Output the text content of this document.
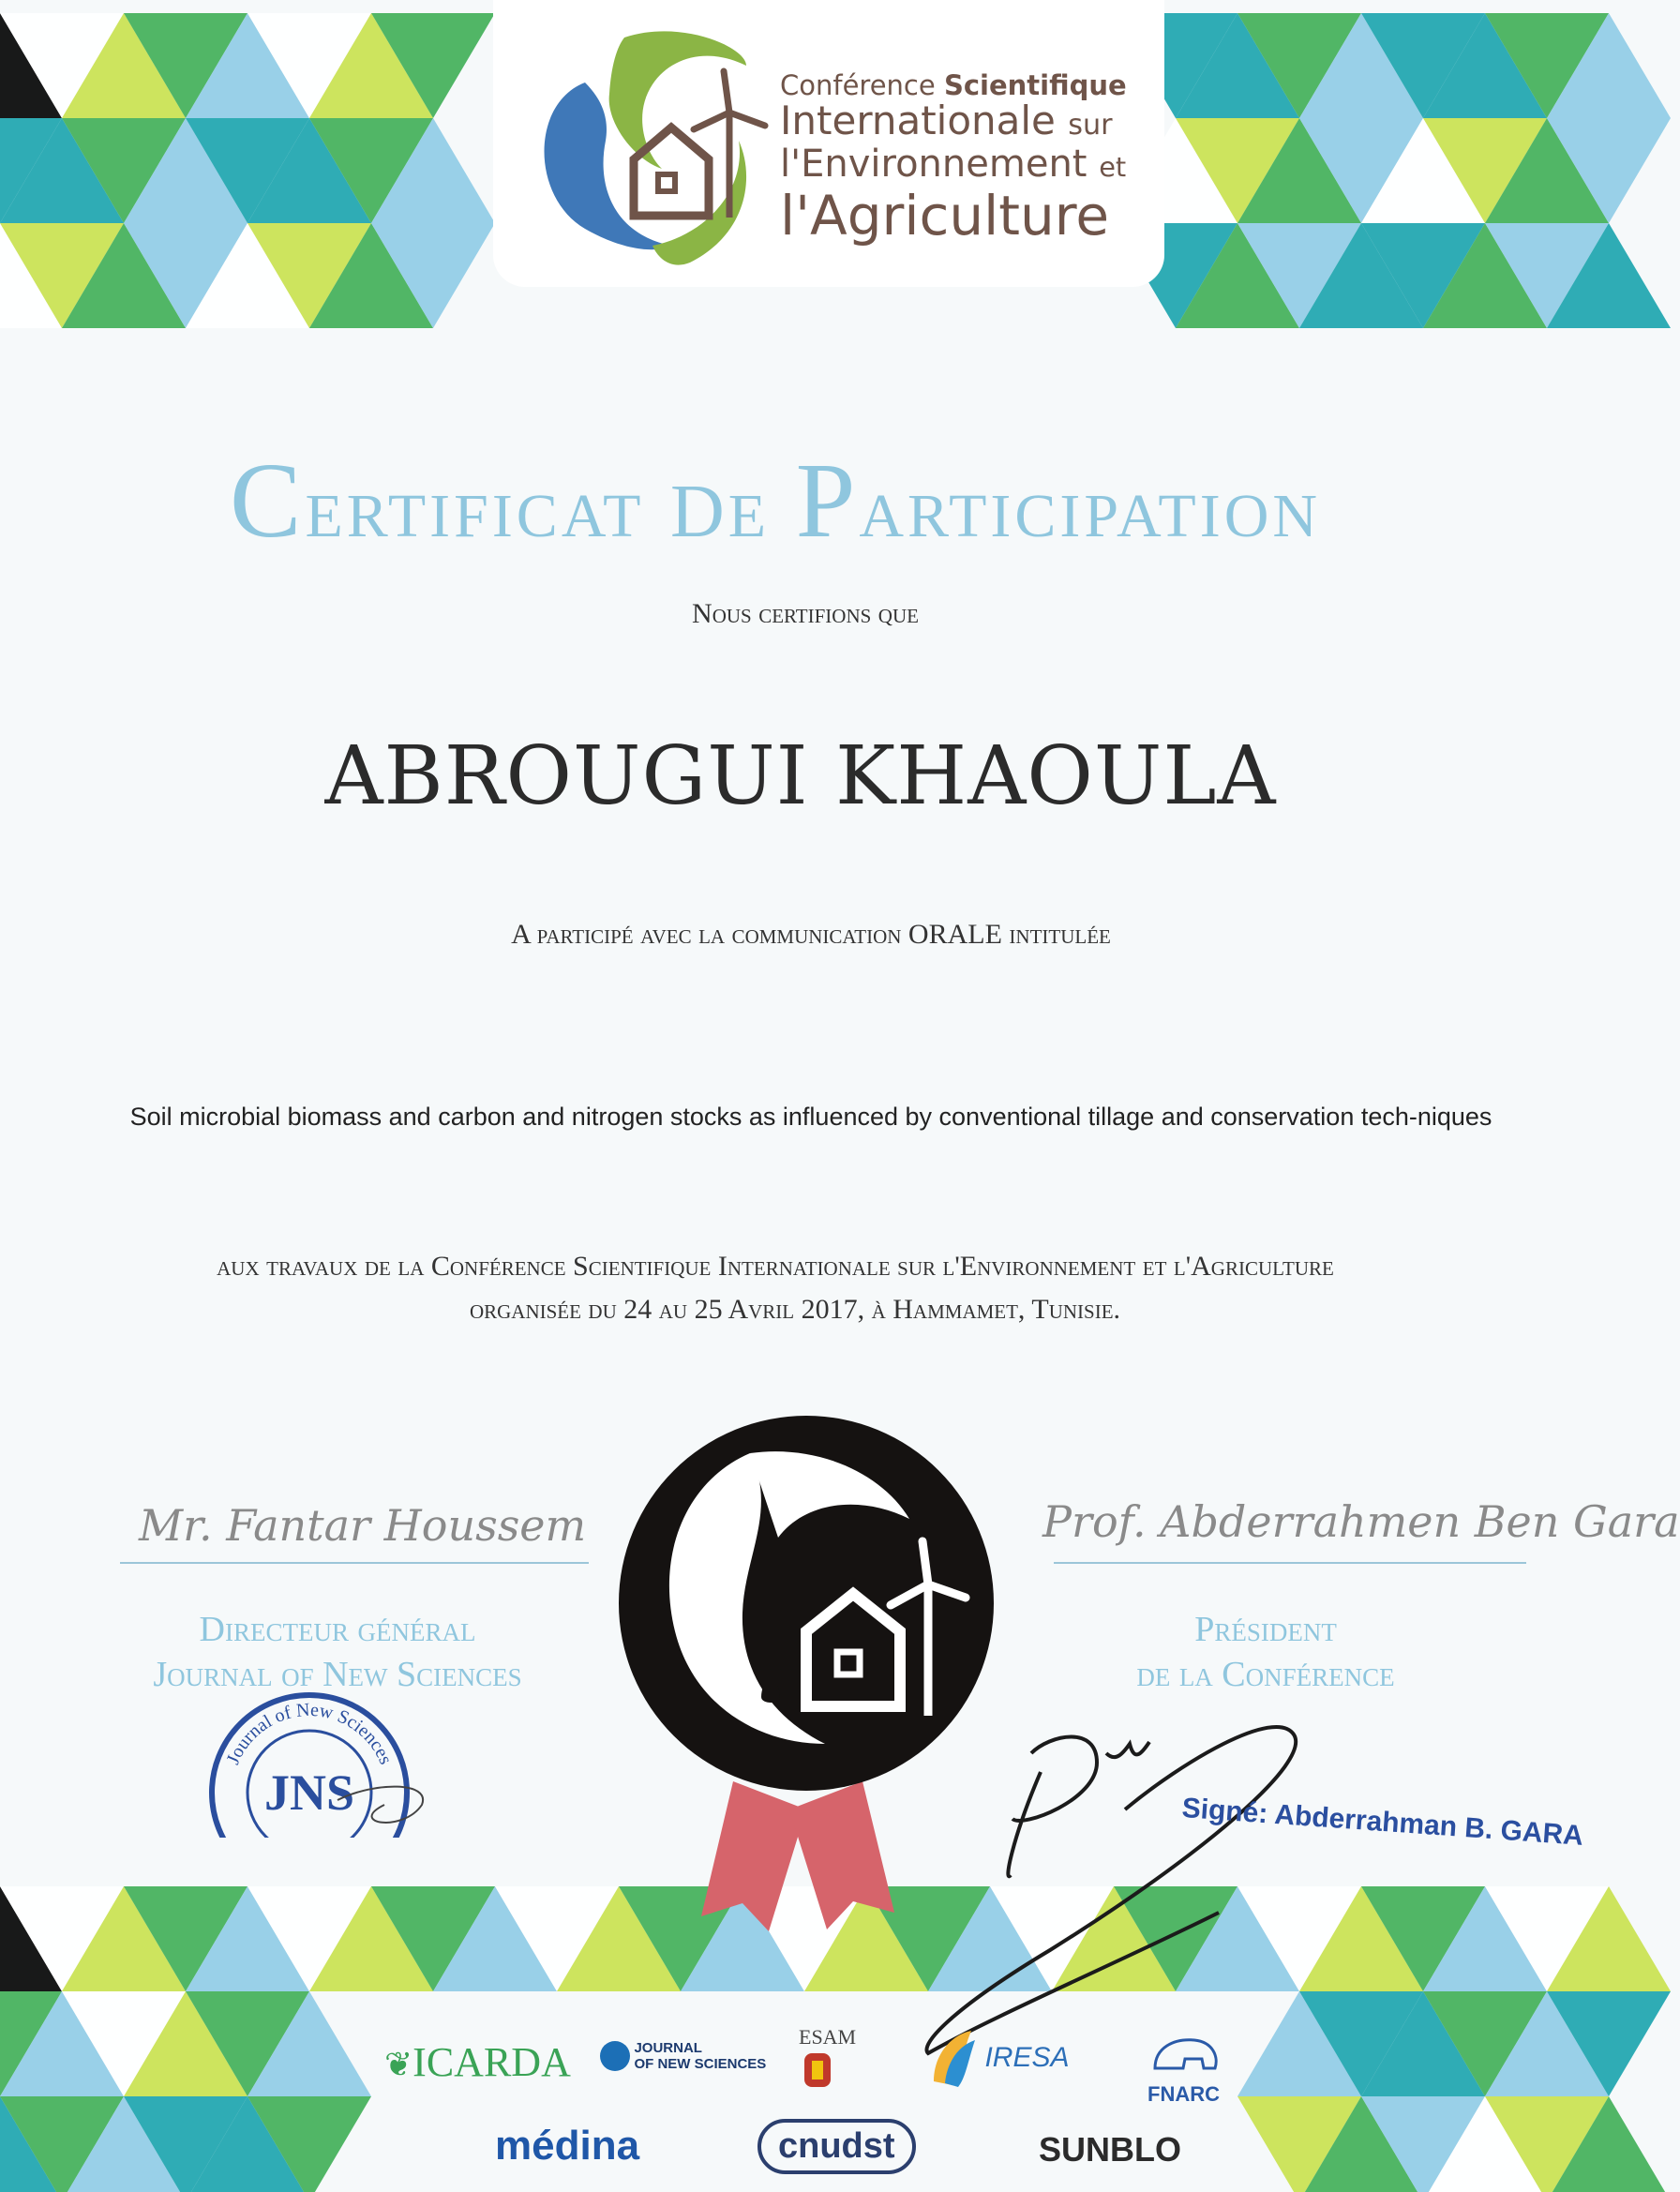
Conférence Scientifique
Internationale sur
l'Environnement et
l'Agriculture
Certificat de Participation
Nous certifions que
ABROUGUI KHAOULA
A participé avec la communication ORALE intitulée
Soil microbial biomass and carbon and nitrogen stocks as influenced by conventional tillage and conservation tech-niques
aux travaux de la Conférence Scientifique Internationale sur l'Environnement et l'Agriculture
organisée du 24 au 25 Avril 2017, à Hammamet, Tunisie.
Mr. Fantar Houssem
Directeur général
Journal of New Sciences
Prof. Abderrahmen Ben Gara
Président
de la Conférence
JNS
Journal of New Sciences
Signé: Abderrahman B. GARA
❦ICARDA	JOURNAL
OF NEW SCIENCES
ESAM
IRESA
FNARC
médina	cnudst	SUNBLO
